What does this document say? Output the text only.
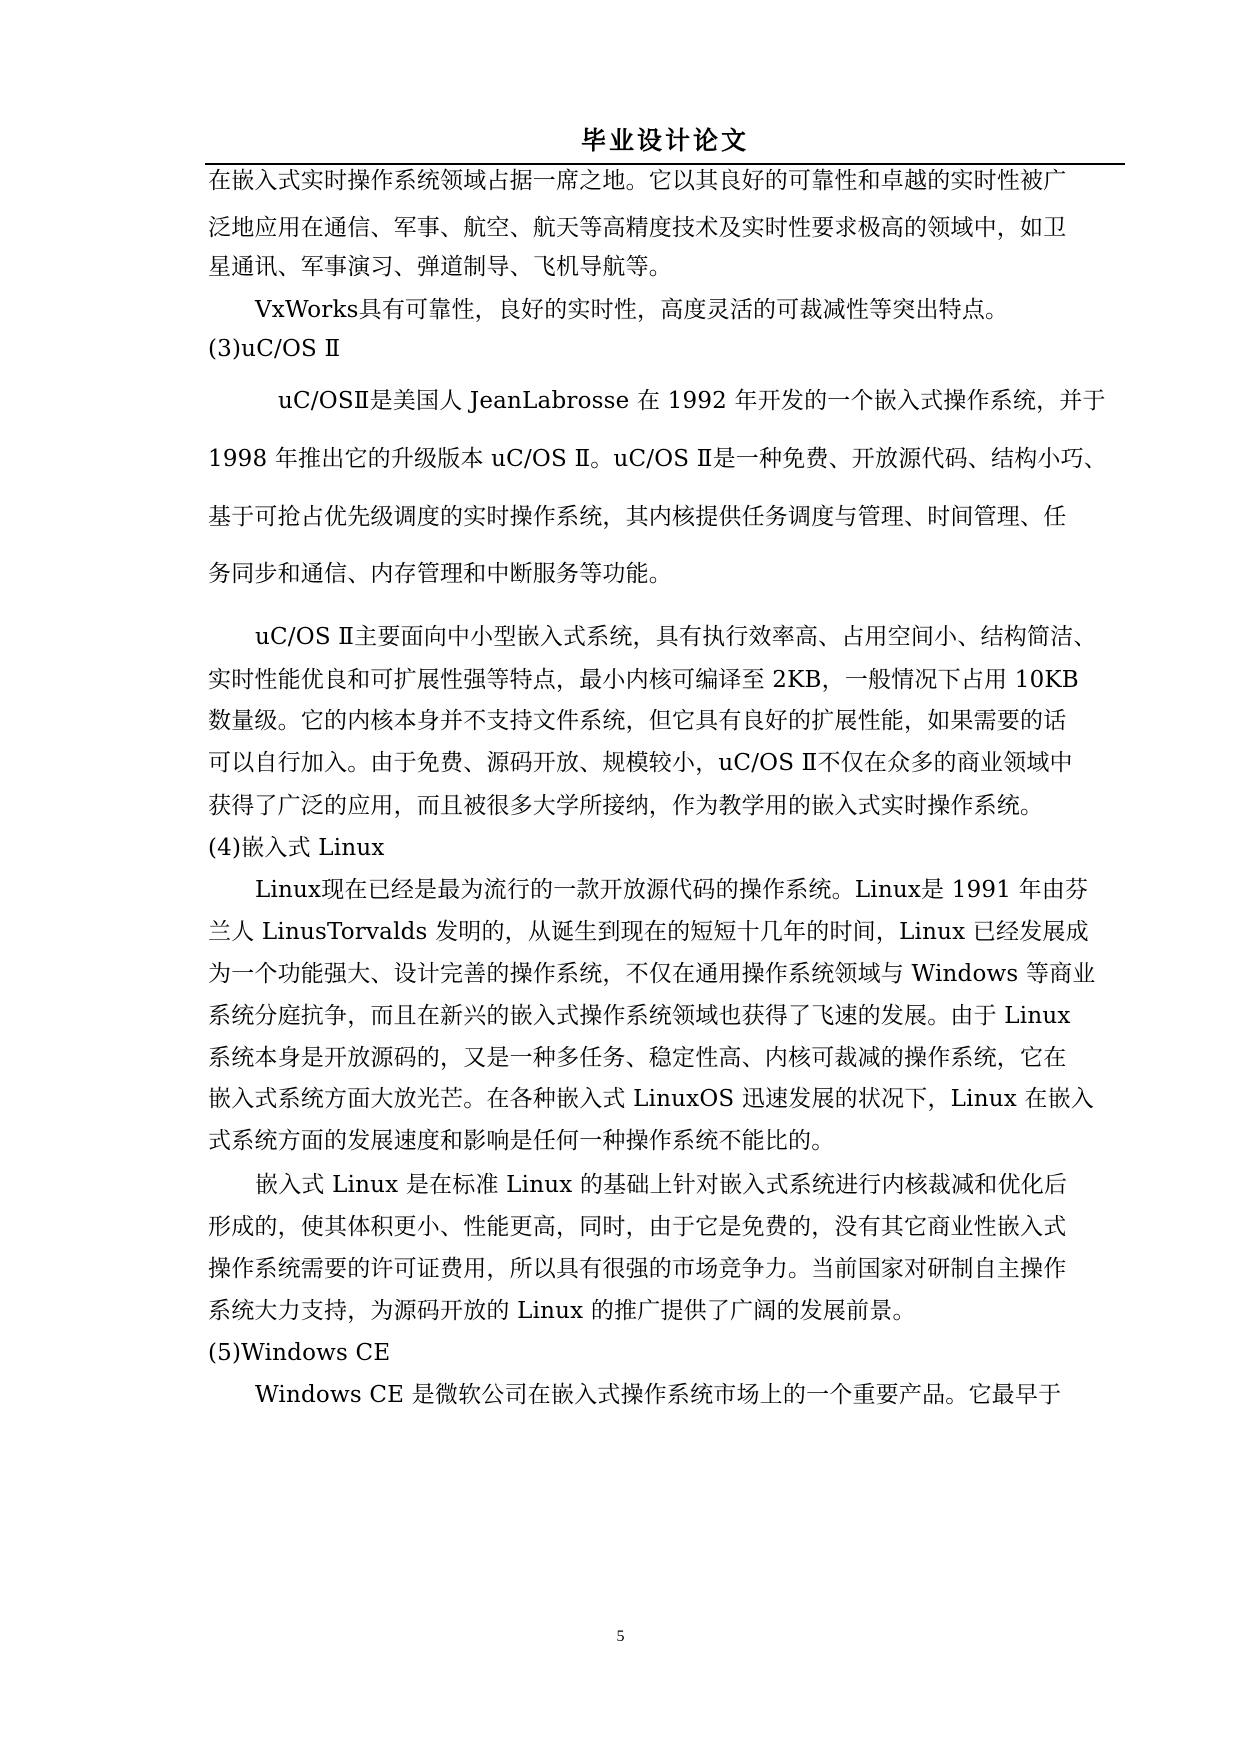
毕业设计论文
在嵌入式实时操作系统领域占据一席之地。它以其良好的可靠性和卓越的实时性被广
泛地应用在通信、军事、航空、航天等高精度技术及实时性要求极高的领域中，如卫
星通讯、军事演习、弹道制导、飞机导航等。
VxWorks具有可靠性，良好的实时性，高度灵活的可裁减性等突出特点。
(3)uC/OS Ⅱ
uC/OSⅡ是美国人 JeanLabrosse 在 1992 年开发的一个嵌入式操作系统，并于
1998 年推出它的升级版本 uC/OS Ⅱ。uC/OS Ⅱ是一种免费、开放源代码、结构小巧、
基于可抢占优先级调度的实时操作系统，其内核提供任务调度与管理、时间管理、任
务同步和通信、内存管理和中断服务等功能。
uC/OS Ⅱ主要面向中小型嵌入式系统，具有执行效率高、占用空间小、结构简洁、
实时性能优良和可扩展性强等特点，最小内核可编译至 2KB，一般情况下占用 10KB
数量级。它的内核本身并不支持文件系统，但它具有良好的扩展性能，如果需要的话
可以自行加入。由于免费、源码开放、规模较小，uC/OS Ⅱ不仅在众多的商业领域中
获得了广泛的应用，而且被很多大学所接纳，作为教学用的嵌入式实时操作系统。
(4)嵌入式 Linux
Linux现在已经是最为流行的一款开放源代码的操作系统。Linux是 1991 年由芬
兰人 LinusTorvalds 发明的，从诞生到现在的短短十几年的时间，Linux 已经发展成
为一个功能强大、设计完善的操作系统，不仅在通用操作系统领域与 Windows 等商业
系统分庭抗争，而且在新兴的嵌入式操作系统领域也获得了飞速的发展。由于 Linux
系统本身是开放源码的，又是一种多任务、稳定性高、内核可裁减的操作系统，它在
嵌入式系统方面大放光芒。在各种嵌入式 LinuxOS 迅速发展的状况下，Linux 在嵌入
式系统方面的发展速度和影响是任何一种操作系统不能比的。
嵌入式 Linux 是在标准 Linux 的基础上针对嵌入式系统进行内核裁减和优化后
形成的，使其体积更小、性能更高，同时，由于它是免费的，没有其它商业性嵌入式
操作系统需要的许可证费用，所以具有很强的市场竞争力。当前国家对研制自主操作
系统大力支持，为源码开放的 Linux 的推广提供了广阔的发展前景。
(5)Windows CE
Windows CE 是微软公司在嵌入式操作系统市场上的一个重要产品。它最早于
5
